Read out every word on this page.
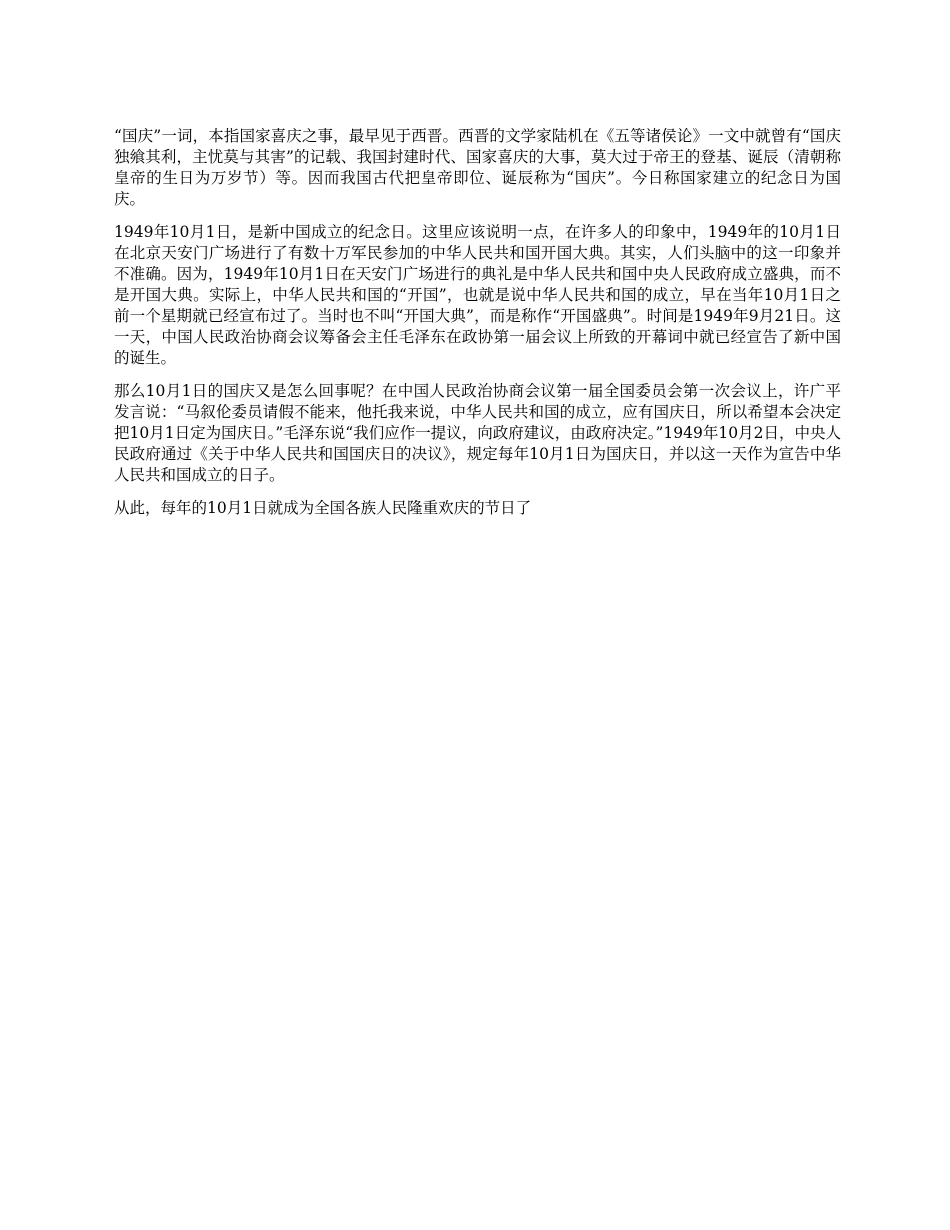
“国庆”一词，本指国家喜庆之事，最早见于西晋。西晋的文学家陆机在《五等诸侯论》一文中就曾有“国庆独飨其利，主忧莫与其害”的记载、我国封建时代、国家喜庆的大事，莫大过于帝王的登基、诞辰（清朝称皇帝的生日为万岁节）等。因而我国古代把皇帝即位、诞辰称为“国庆”。今日称国家建立的纪念日为国庆。

1949年10月1日，是新中国成立的纪念日。这里应该说明一点，在许多人的印象中，1949年的10月1日在北京天安门广场进行了有数十万军民参加的中华人民共和国开国大典。其实，人们头脑中的这一印象并不准确。因为，1949年10月1日在天安门广场进行的典礼是中华人民共和国中央人民政府成立盛典，而不是开国大典。实际上，中华人民共和国的“开国”，也就是说中华人民共和国的成立，早在当年10月1日之前一个星期就已经宣布过了。当时也不叫“开国大典”，而是称作“开国盛典”。时间是1949年9月21日。这一天，中国人民政治协商会议筹备会主任毛泽东在政协第一届会议上所致的开幕词中就已经宣告了新中国的诞生。

那么10月1日的国庆又是怎么回事呢？在中国人民政治协商会议第一届全国委员会第一次会议上，许广平发言说：“马叙伦委员请假不能来，他托我来说，中华人民共和国的成立，应有国庆日，所以希望本会决定把10月1日定为国庆日。”毛泽东说“我们应作一提议，向政府建议，由政府决定。”1949年10月2日，中央人民政府通过《关于中华人民共和国国庆日的决议》，规定每年10月1日为国庆日，并以这一天作为宣告中华人民共和国成立的日子。

从此，每年的10月1日就成为全国各族人民隆重欢庆的节日了
